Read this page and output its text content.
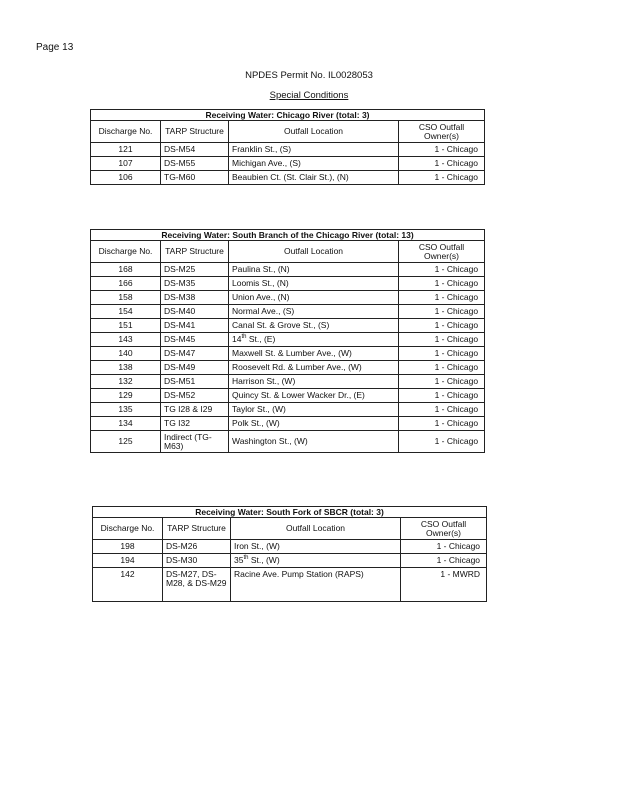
Page 13
NPDES Permit No. IL0028053
Special Conditions
Receiving Water: Chicago River (total: 3)			
Discharge No.	TARP Structure	Outfall Location	CSO Outfall Owner(s)
121	DS-M54	Franklin St., (S)	1 - Chicago
107	DS-M55	Michigan Ave., (S)	1 - Chicago
106	TG-M60	Beaubien Ct. (St. Clair St.), (N)	1 - Chicago
Receiving Water: South Branch of the Chicago River (total: 13)			
Discharge No.	TARP Structure	Outfall Location	CSO Outfall Owner(s)
168	DS-M25	Paulina St., (N)	1 - Chicago
166	DS-M35	Loomis St., (N)	1 - Chicago
158	DS-M38	Union Ave., (N)	1 - Chicago
154	DS-M40	Normal Ave., (S)	1 - Chicago
151	DS-M41	Canal St. & Grove St., (S)	1 - Chicago
143	DS-M45	14th St., (E)	1 - Chicago
140	DS-M47	Maxwell St. & Lumber Ave., (W)	1 - Chicago
138	DS-M49	Roosevelt Rd. & Lumber Ave., (W)	1 - Chicago
132	DS-M51	Harrison St., (W)	1 - Chicago
129	DS-M52	Quincy St. & Lower Wacker Dr., (E)	1 - Chicago
135	TG I28 & I29	Taylor St., (W)	1 - Chicago
134	TG I32	Polk St., (W)	1 - Chicago
125	Indirect (TG-M63)	Washington St., (W)	1 - Chicago
Receiving Water: South Fork of SBCR (total: 3)			
Discharge No.	TARP Structure	Outfall Location	CSO Outfall Owner(s)
198	DS-M26	Iron St., (W)	1 - Chicago
194	DS-M30	35th St., (W)	1 - Chicago
142	DS-M27, DS-M28, & DS-M29	Racine Ave. Pump Station (RAPS)	1 - MWRD
